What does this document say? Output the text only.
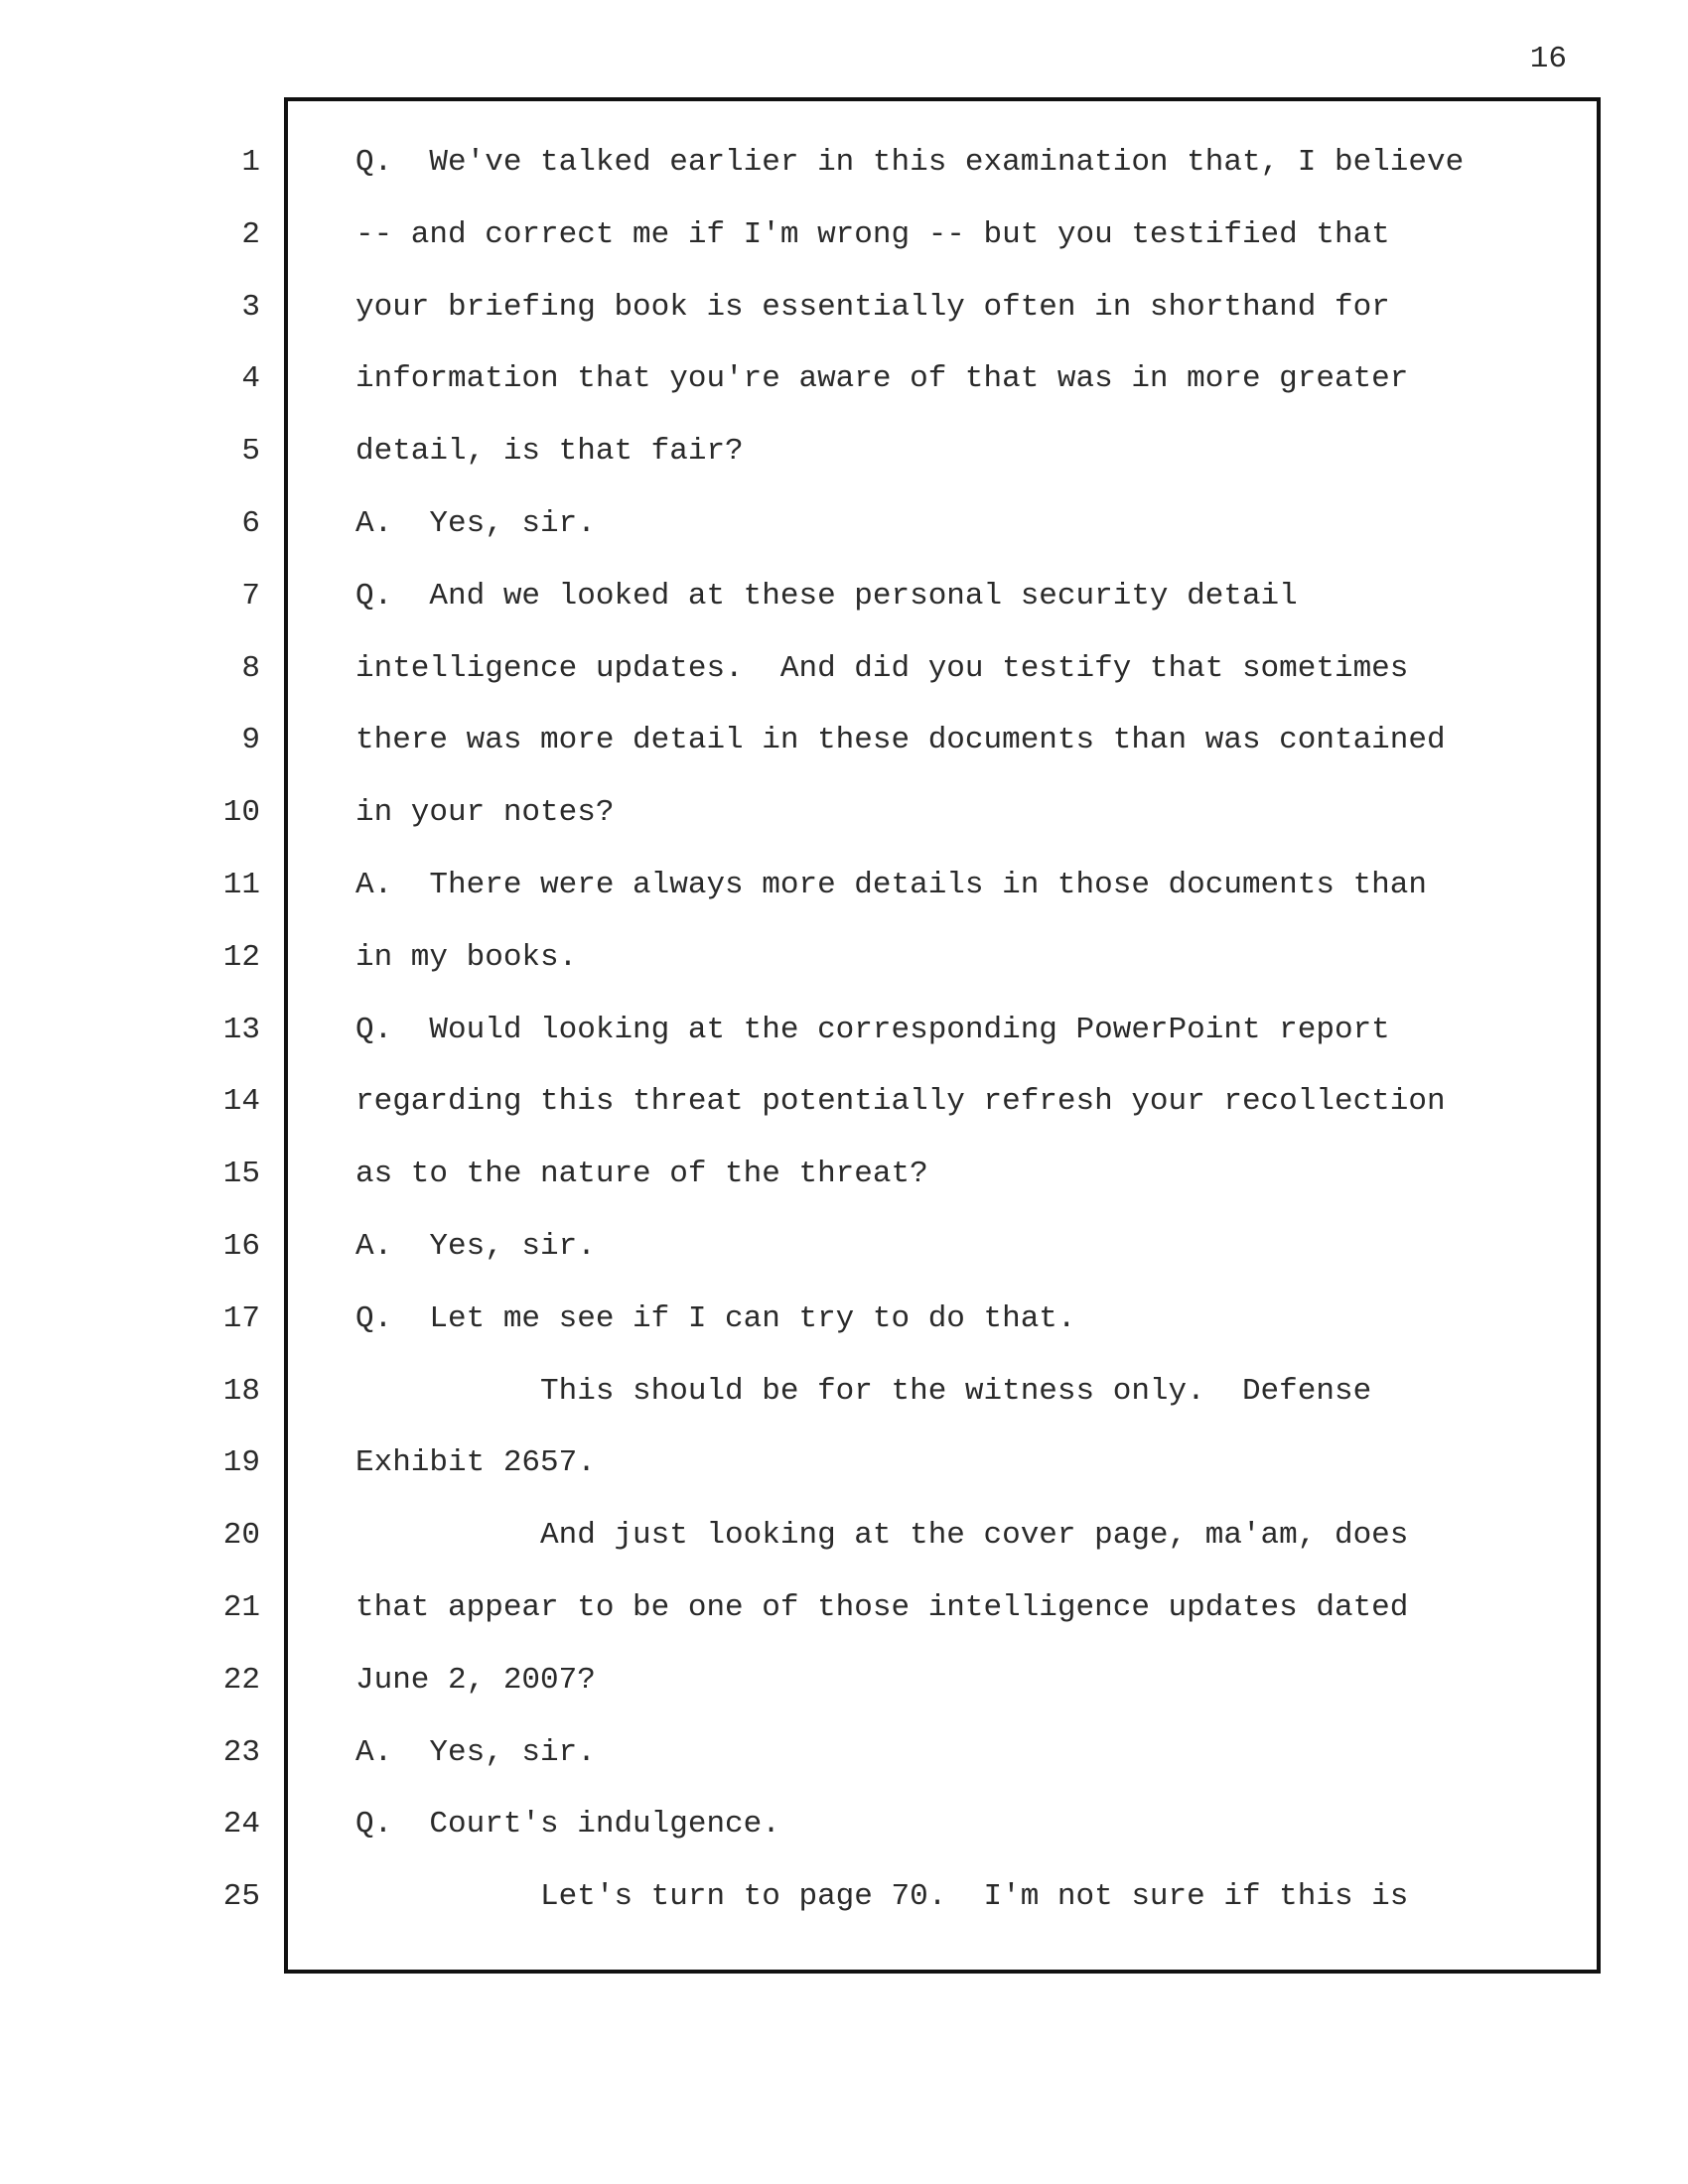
16
1
2
3
4
5
6
7
8
9
10
11
12
13
14
15
16
17
18
19
20
21
22
23
24
25
Q.  We've talked earlier in this examination that, I believe
-- and correct me if I'm wrong -- but you testified that
your briefing book is essentially often in shorthand for
information that you're aware of that was in more greater
detail, is that fair?
A.  Yes, sir.
Q.  And we looked at these personal security detail
intelligence updates.  And did you testify that sometimes
there was more detail in these documents than was contained
in your notes?
A.  There were always more details in those documents than
in my books.
Q.  Would looking at the corresponding PowerPoint report
regarding this threat potentially refresh your recollection
as to the nature of the threat?
A.  Yes, sir.
Q.  Let me see if I can try to do that.
This should be for the witness only.  Defense
Exhibit 2657.
And just looking at the cover page, ma'am, does
that appear to be one of those intelligence updates dated
June 2, 2007?
A.  Yes, sir.
Q.  Court's indulgence.
Let's turn to page 70.  I'm not sure if this is
